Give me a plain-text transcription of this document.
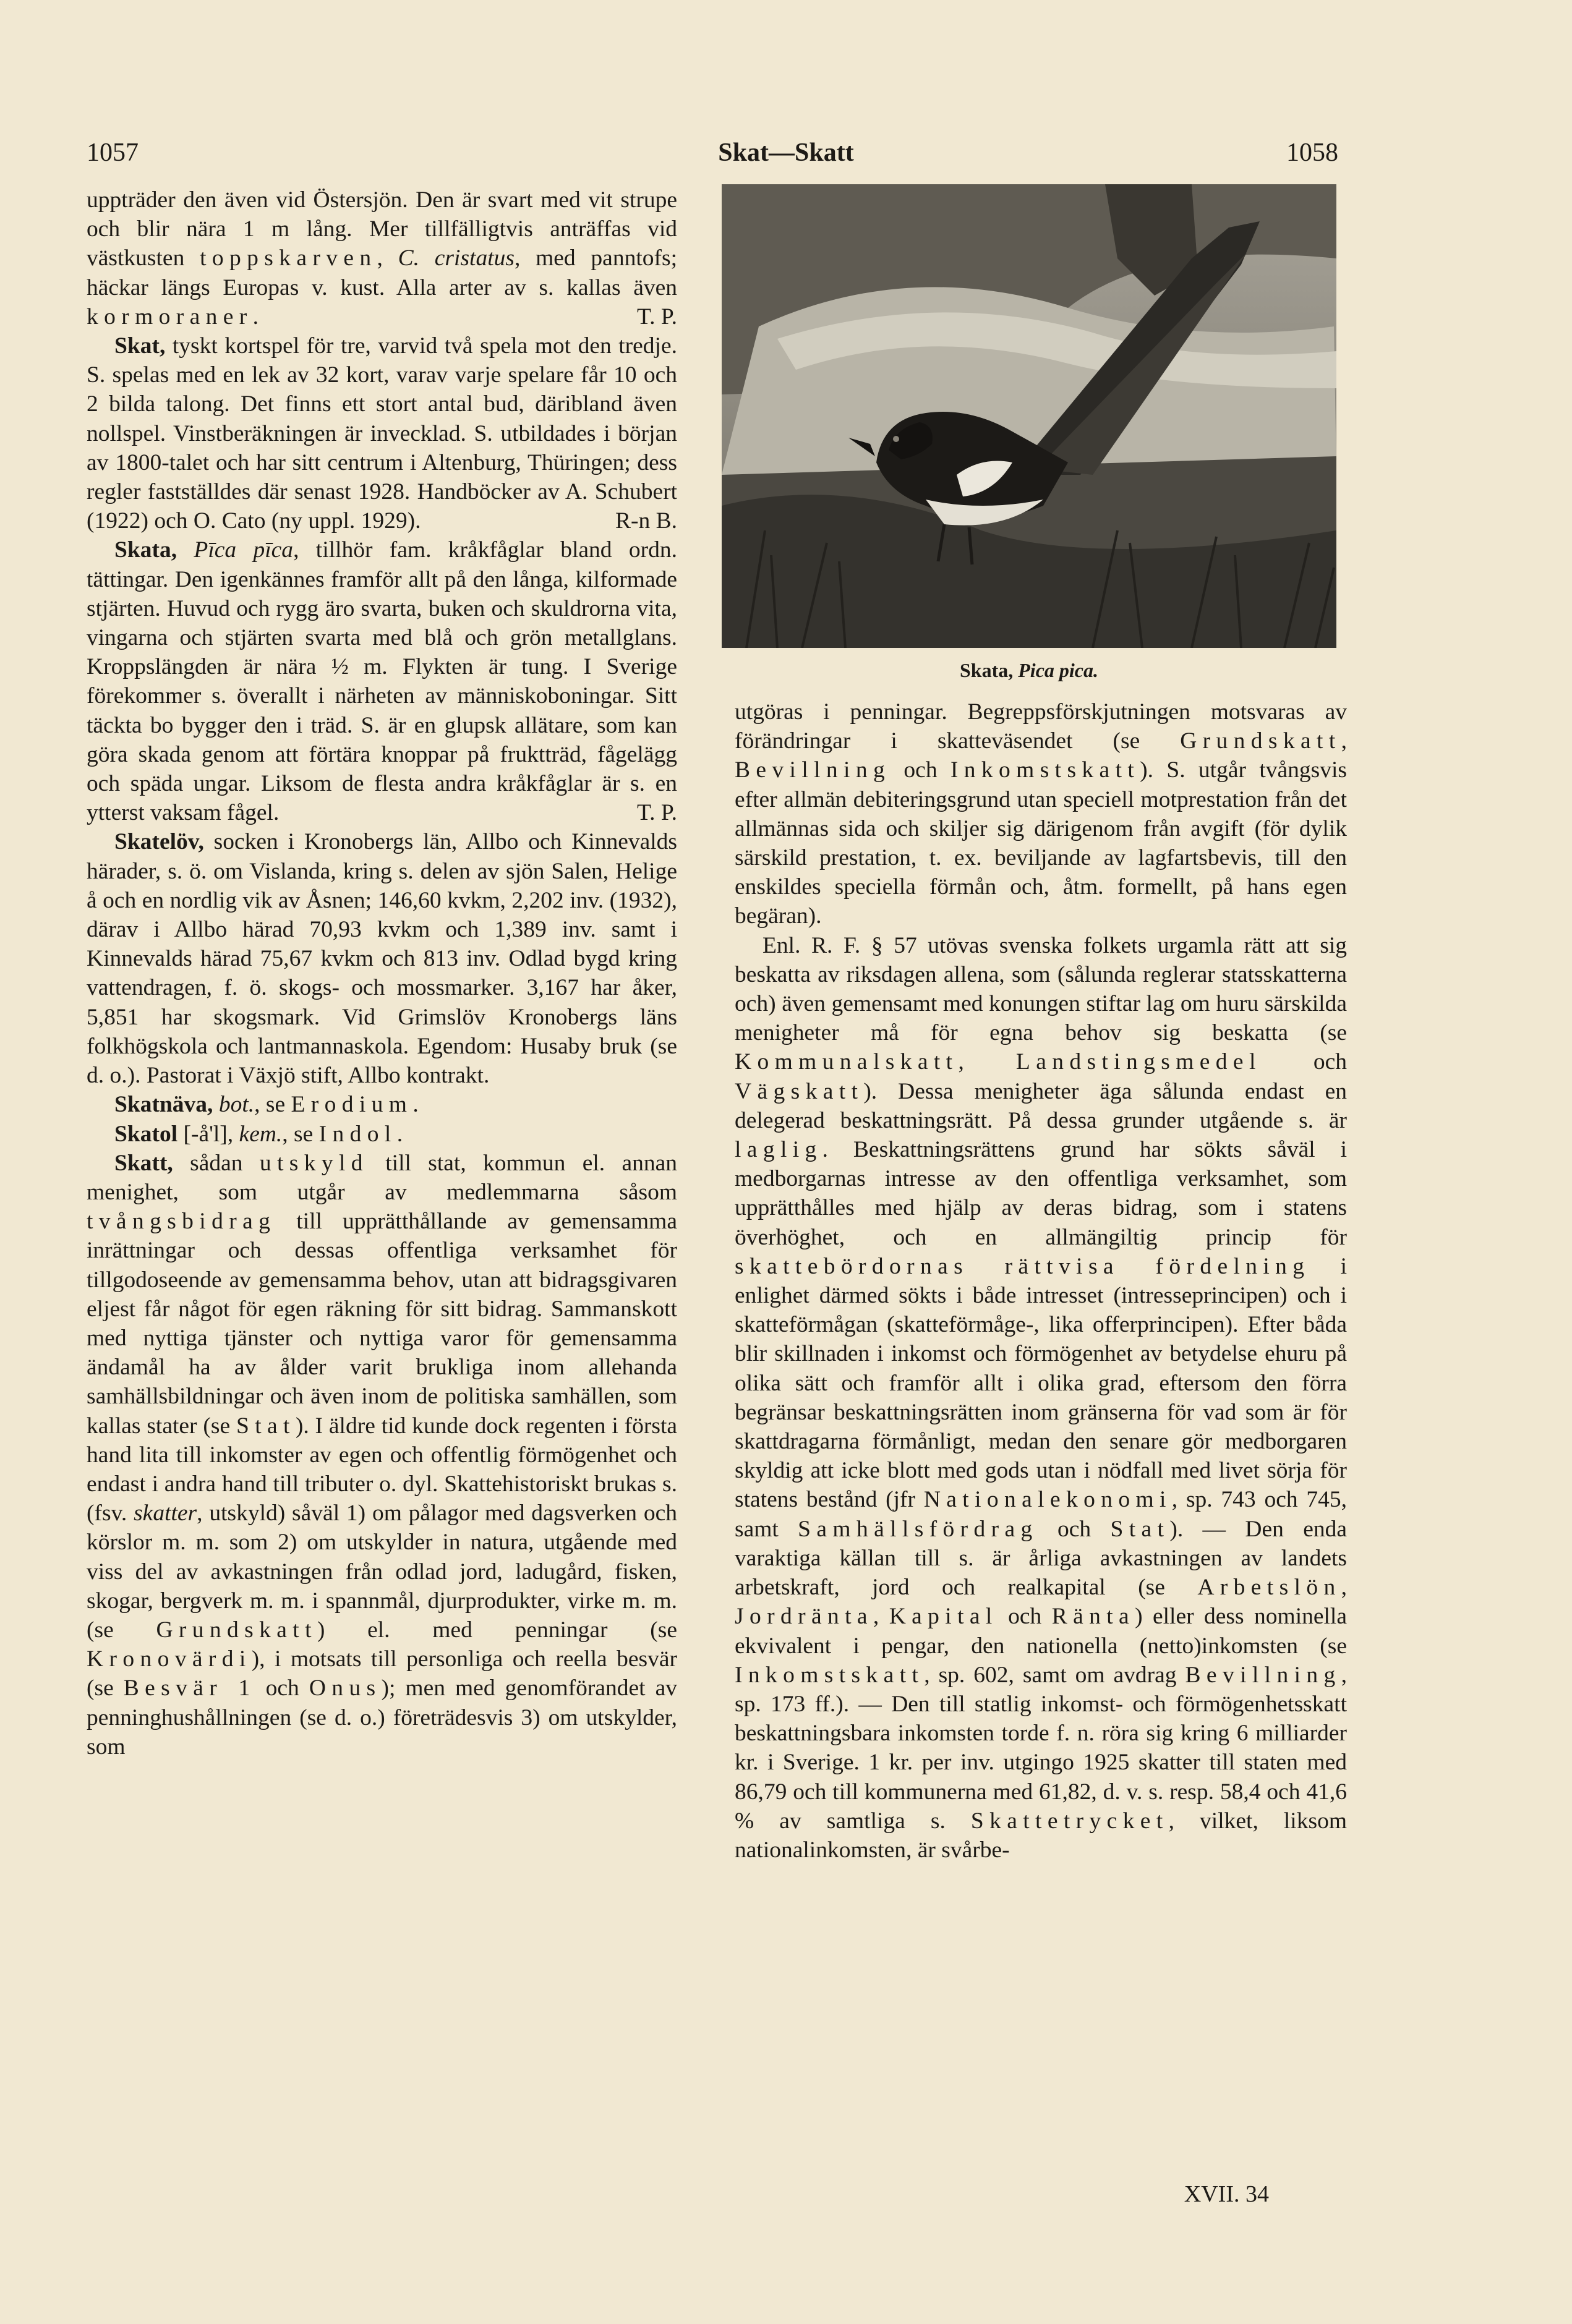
1057	Skat—Skatt	1058

uppträder den även vid Östersjön. Den är svart med vit strupe och blir nära 1 m lång. Mer tillfälligtvis anträffas vid västkusten toppskarven, C. cristatus, med panntofs; häckar längs Europas v. kust. Alla arter av s. kallas även kormoraner.	T. P.

Skat, tyskt kortspel för tre, varvid två spela mot den tredje. S. spelas med en lek av 32 kort, varav varje spelare får 10 och 2 bilda talong. Det finns ett stort antal bud, däribland även nollspel. Vinstberäkningen är invecklad. S. utbildades i början av 1800-talet och har sitt centrum i Altenburg, Thüringen; dess regler fastställdes där senast 1928. Handböcker av A. Schubert (1922) och O. Cato (ny uppl. 1929).	R-n B.

Skata, Pīca pīca, tillhör fam. kråkfåglar bland ordn. tättingar. Den igenkännes framför allt på den långa, kilformade stjärten. Huvud och rygg äro svarta, buken och skuldrorna vita, vingarna och stjärten svarta med blå och grön metallglans. Kroppslängden är nära ½ m. Flykten är tung. I Sverige förekommer s. överallt i närheten av människoboningar. Sitt täckta bo bygger den i träd. S. är en glupsk allätare, som kan göra skada genom att förtära knoppar på fruktträd, fågelägg och späda ungar. Liksom de flesta andra kråkfåglar är s. en ytterst vaksam fågel.	T. P.

Skatelöv, socken i Kronobergs län, Allbo och Kinnevalds härader, s. ö. om Vislanda, kring s. delen av sjön Salen, Helige å och en nordlig vik av Åsnen; 146,60 kvkm, 2,202 inv. (1932), därav i Allbo härad 70,93 kvkm och 1,389 inv. samt i Kinnevalds härad 75,67 kvkm och 813 inv. Odlad bygd kring vattendragen, f. ö. skogs- och mossmarker. 3,167 har åker, 5,851 har skogsmark. Vid Grimslöv Kronobergs läns folkhögskola och lantmannaskola. Egendom: Husaby bruk (se d. o.). Pastorat i Växjö stift, Allbo kontrakt.

Skatnäva, bot., se Erodium.

Skatol [-å'l], kem., se Indol.

Skatt, sådan utskyld till stat, kommun el. annan menighet, som utgår av medlemmarna såsom tvångsbidrag till upprätthållande av gemensamma inrättningar och dessas offentliga verksamhet för tillgodoseende av gemensamma behov, utan att bidragsgivaren eljest får något för egen räkning för sitt bidrag. Sammanskott med nyttiga tjänster och nyttiga varor för gemensamma ändamål ha av ålder varit brukliga inom allehanda samhällsbildningar och även inom de politiska samhällen, som kallas stater (se Stat). I äldre tid kunde dock regenten i första hand lita till inkomster av egen och offentlig förmögenhet och endast i andra hand till tributer o. dyl. Skattehistoriskt brukas s. (fsv. skatter, utskyld) såväl 1) om pålagor med dagsverken och körslor m. m. som 2) om utskylder in natura, utgående med viss del av avkastningen från odlad jord, ladugård, fisken, skogar, bergverk m. m. i spannmål, djurprodukter, virke m. m. (se Grundskatt) el. med penningar (se Kronovärdi), i motsats till personliga och reella besvär (se Besvär 1 och Onus); men med genomförandet av penninghushållningen (se d. o.) företrädesvis 3) om utskylder, som

Skata, Pica pica.

utgöras i penningar. Begreppsförskjutningen motsvaras av förändringar i skatteväsendet (se Grundskatt, Bevillning och Inkomstskatt). S. utgår tvångsvis efter allmän debiteringsgrund utan speciell motprestation från det allmännas sida och skiljer sig därigenom från avgift (för dylik särskild prestation, t. ex. beviljande av lagfartsbevis, till den enskildes speciella förmån och, åtm. formellt, på hans egen begäran).

Enl. R. F. § 57 utövas svenska folkets urgamla rätt att sig beskatta av riksdagen allena, som (sålunda reglerar statsskatterna och) även gemensamt med konungen stiftar lag om huru särskilda menigheter må för egna behov sig beskatta (se Kommunalskatt, Landstingsmedel och Vägskatt). Dessa menigheter äga sålunda endast en delegerad beskattningsrätt. På dessa grunder utgående s. är laglig. Beskattningsrättens grund har sökts såväl i medborgarnas intresse av den offentliga verksamhet, som upprätthålles med hjälp av deras bidrag, som i statens överhöghet, och en allmängiltig princip för skattebördornas rättvisa fördelning i enlighet därmed sökts i både intresset (intresseprincipen) och i skatteförmågan (skatteförmåge-, lika offerprincipen). Efter båda blir skillnaden i inkomst och förmögenhet av betydelse ehuru på olika sätt och framför allt i olika grad, eftersom den förra begränsar beskattningsrätten inom gränserna för vad som är för skattdragarna förmånligt, medan den senare gör medborgaren skyldig att icke blott med gods utan i nödfall med livet sörja för statens bestånd (jfr Nationalekonomi, sp. 743 och 745, samt Samhällsfördrag och Stat). — Den enda varaktiga källan till s. är årliga avkastningen av landets arbetskraft, jord och realkapital (se Arbetslön, Jordränta, Kapital och Ränta) eller dess nominella ekvivalent i pengar, den nationella (netto)inkomsten (se Inkomstskatt, sp. 602, samt om avdrag Bevillning, sp. 173 ff.). — Den till statlig inkomst- och förmögenhetsskatt beskattningsbara inkomsten torde f. n. röra sig kring 6 milliarder kr. i Sverige. 1 kr. per inv. utgingo 1925 skatter till staten med 86,79 och till kommunerna med 61,82, d. v. s. resp. 58,4 och 41,6 % av samtliga s. Skattetrycket, vilket, liksom nationalinkomsten, är svårbe-

XVII. 34
